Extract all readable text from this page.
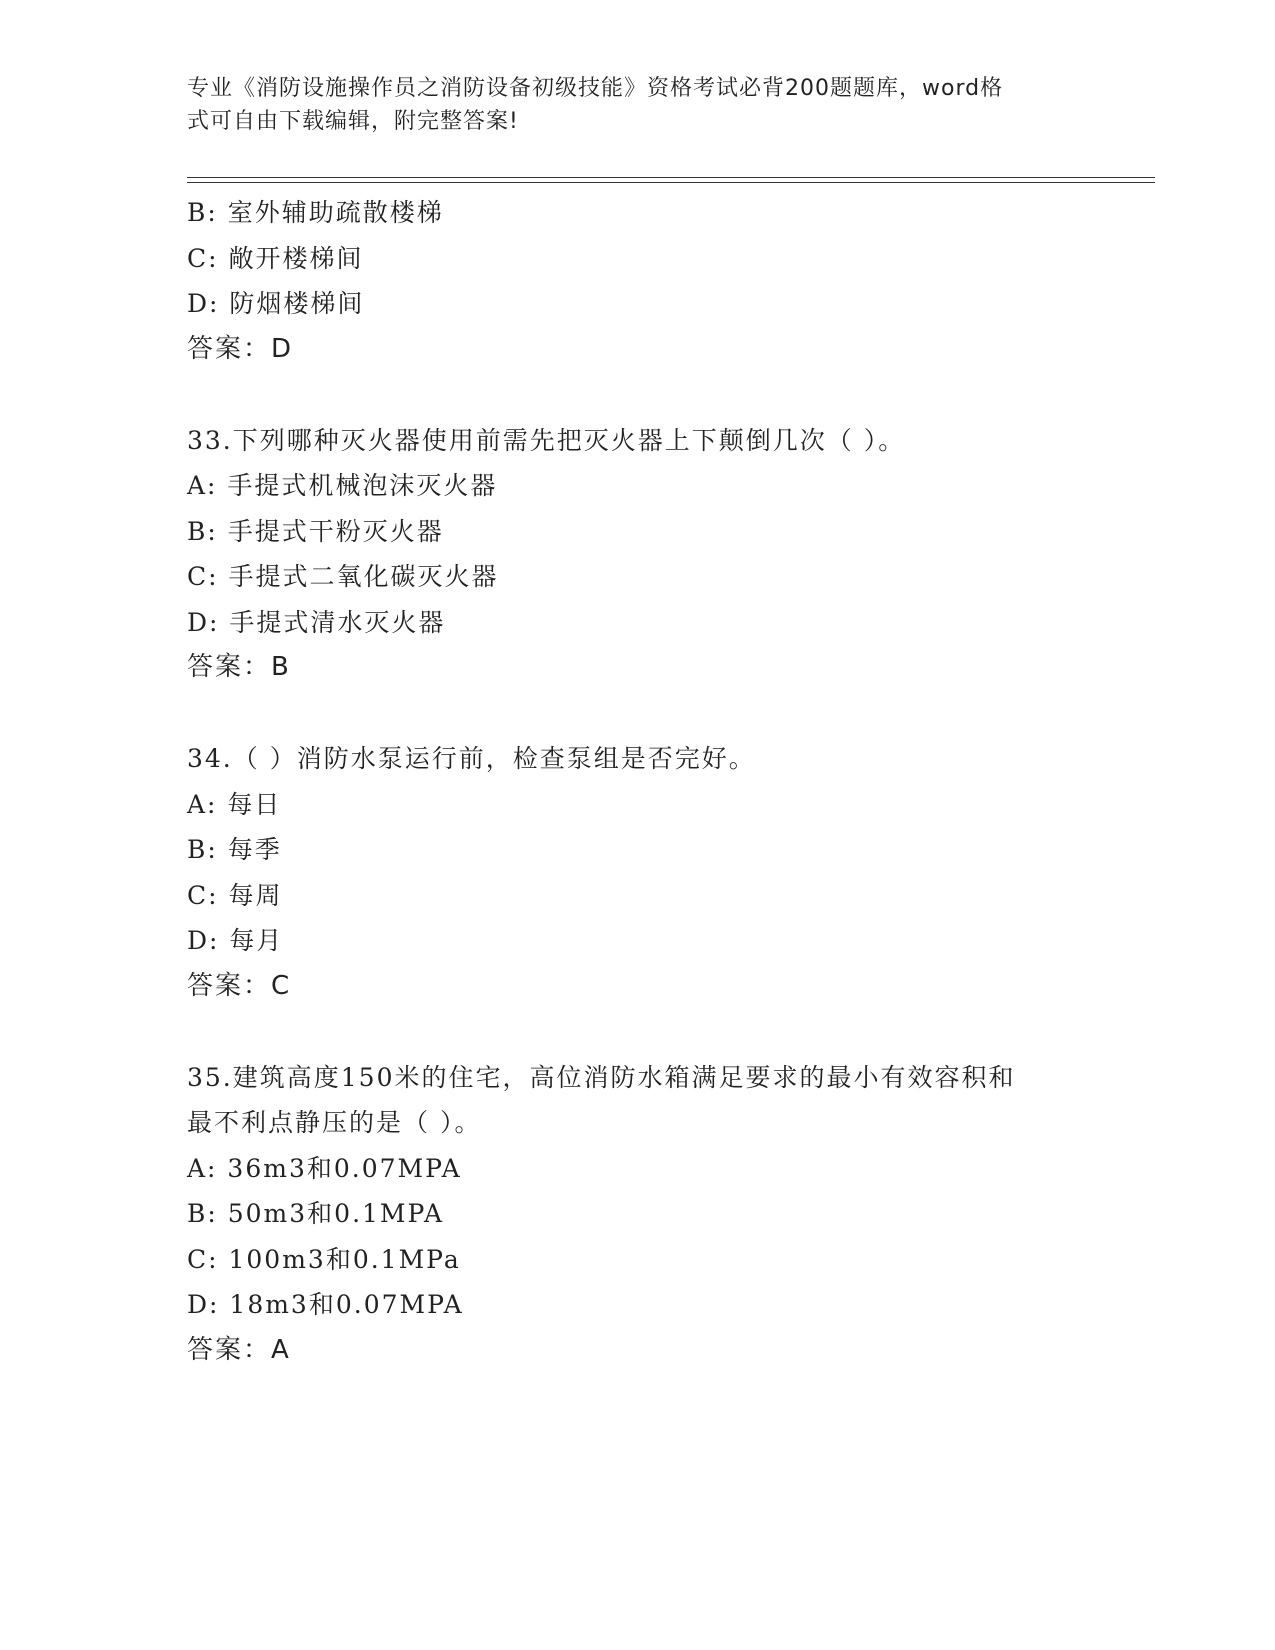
专业《消防设施操作员之消防设备初级技能》资格考试必背200题题库，word格
式可自由下载编辑，附完整答案!
B: 室外辅助疏散楼梯
C: 敞开楼梯间
D: 防烟楼梯间
答案：D
33.下列哪种灭火器使用前需先把灭火器上下颠倒几次（ ）。
A: 手提式机械泡沫灭火器
B: 手提式干粉灭火器
C: 手提式二氧化碳灭火器
D: 手提式清水灭火器
答案：B
34.（ ）消防水泵运行前，检查泵组是否完好。
A: 每日
B: 每季
C: 每周
D: 每月
答案：C
35.建筑高度150米的住宅，高位消防水箱满足要求的最小有效容积和
最不利点静压的是（ ）。
A: 36m3和0.07MPA
B: 50m3和0.1MPA
C: 100m3和0.1MPa
D: 18m3和0.07MPA
答案：A
